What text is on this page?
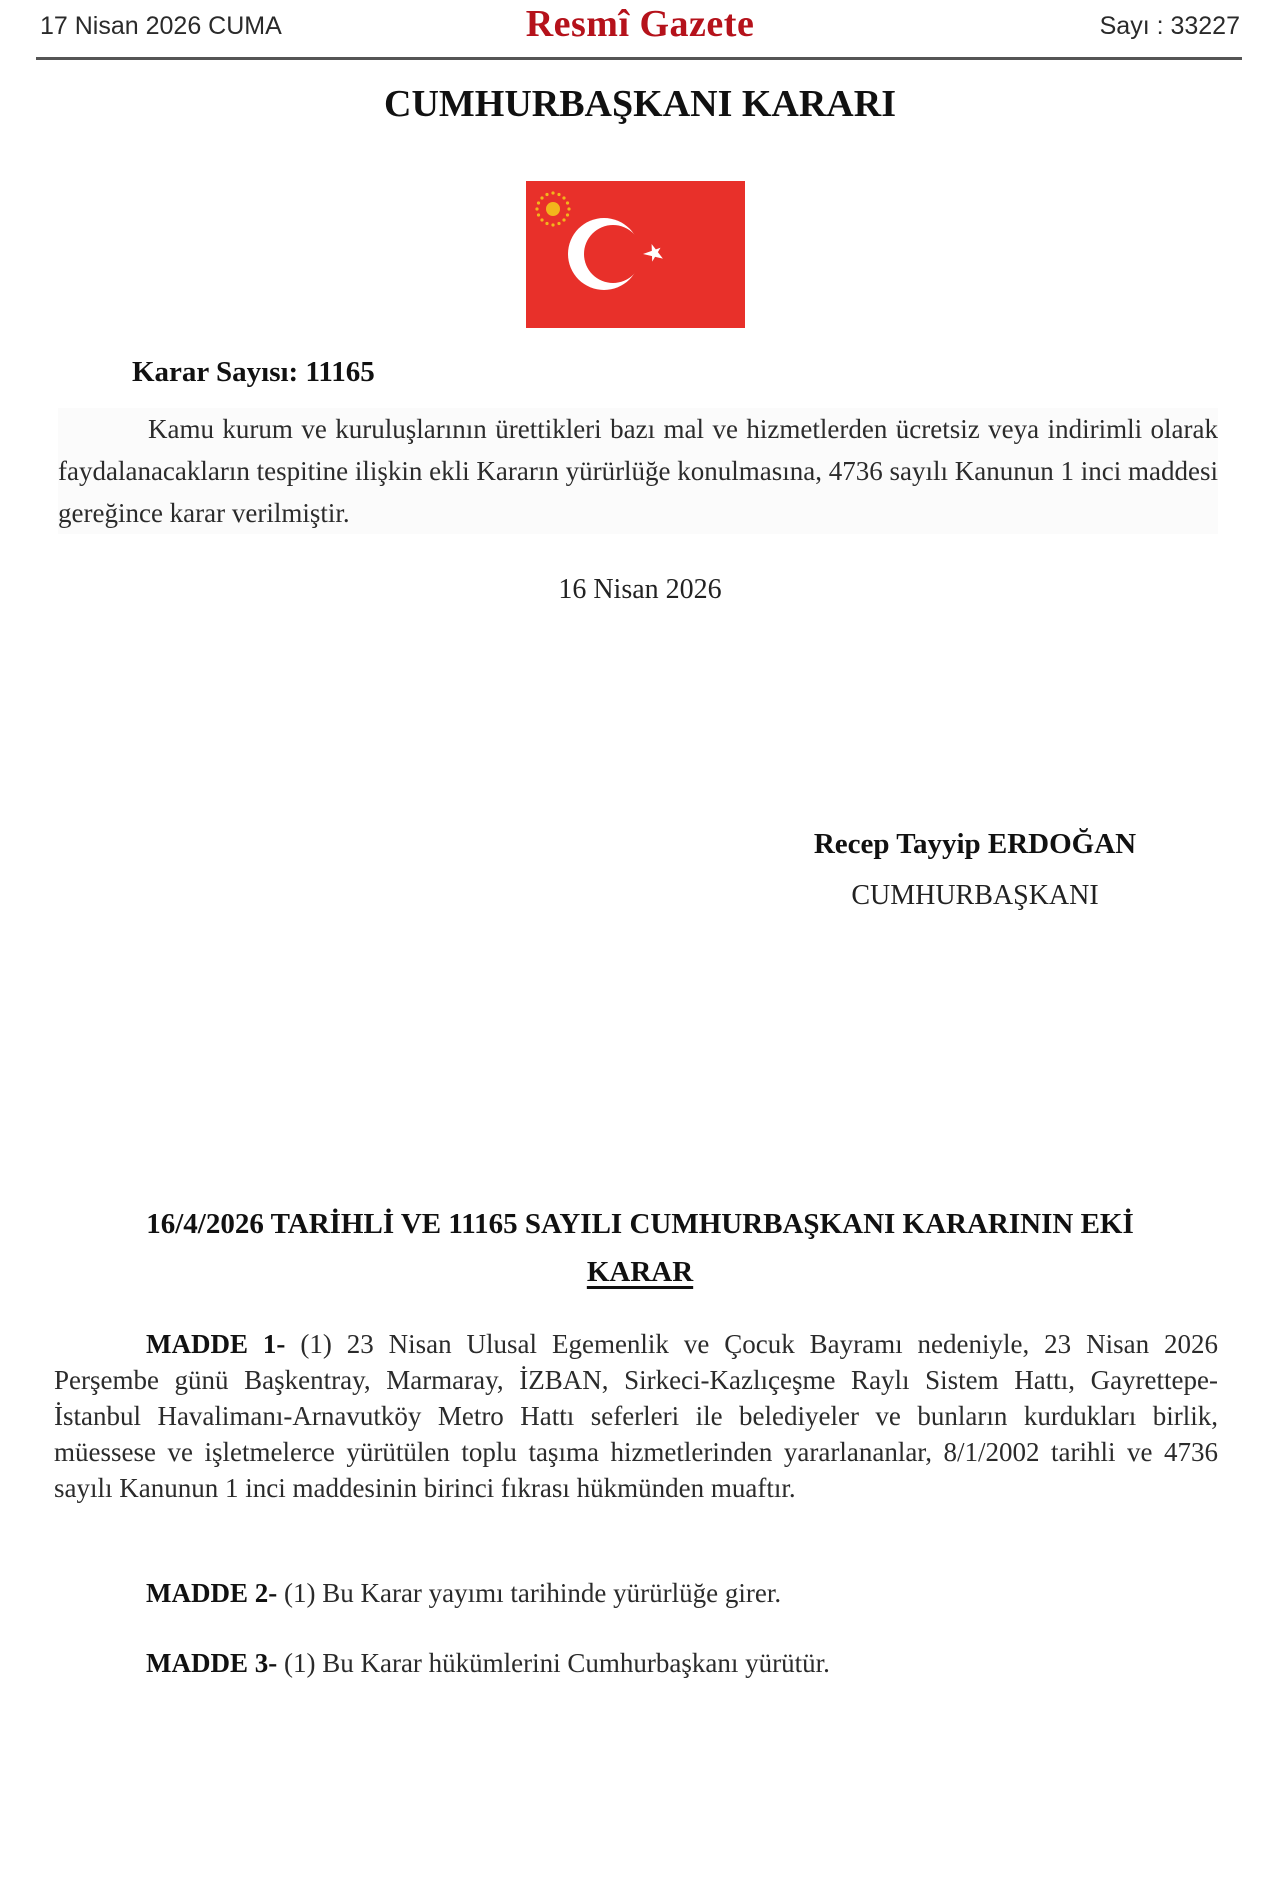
17 Nisan 2026 CUMA	Resmî Gazete	Sayı : 33227
CUMHURBAŞKANI KARARI
Karar Sayısı: 11165
Kamu kurum ve kuruluşlarının ürettikleri bazı mal ve hizmetlerden ücretsiz veya indirimli olarak faydalanacakların tespitine ilişkin ekli Kararın yürürlüğe konulmasına, 4736 sayılı Kanunun 1 inci maddesi gereğince karar verilmiştir.
16 Nisan 2026
Recep Tayyip ERDOĞAN
CUMHURBAŞKANI
16/4/2026 TARİHLİ VE 11165 SAYILI CUMHURBAŞKANI KARARININ EKİ
KARAR
MADDE 1- (1) 23 Nisan Ulusal Egemenlik ve Çocuk Bayramı nedeniyle, 23 Nisan 2026 Perşembe günü Başkentray, Marmaray, İZBAN, Sirkeci-Kazlıçeşme Raylı Sistem Hattı, Gayrettepe-İstanbul Havalimanı-Arnavutköy Metro Hattı seferleri ile belediyeler ve bunların kurdukları birlik, müessese ve işletmelerce yürütülen toplu taşıma hizmetlerinden yararlananlar, 8/1/2002 tarihli ve 4736 sayılı Kanunun 1 inci maddesinin birinci fıkrası hükmünden muaftır.
MADDE 2- (1) Bu Karar yayımı tarihinde yürürlüğe girer.
MADDE 3- (1) Bu Karar hükümlerini Cumhurbaşkanı yürütür.
